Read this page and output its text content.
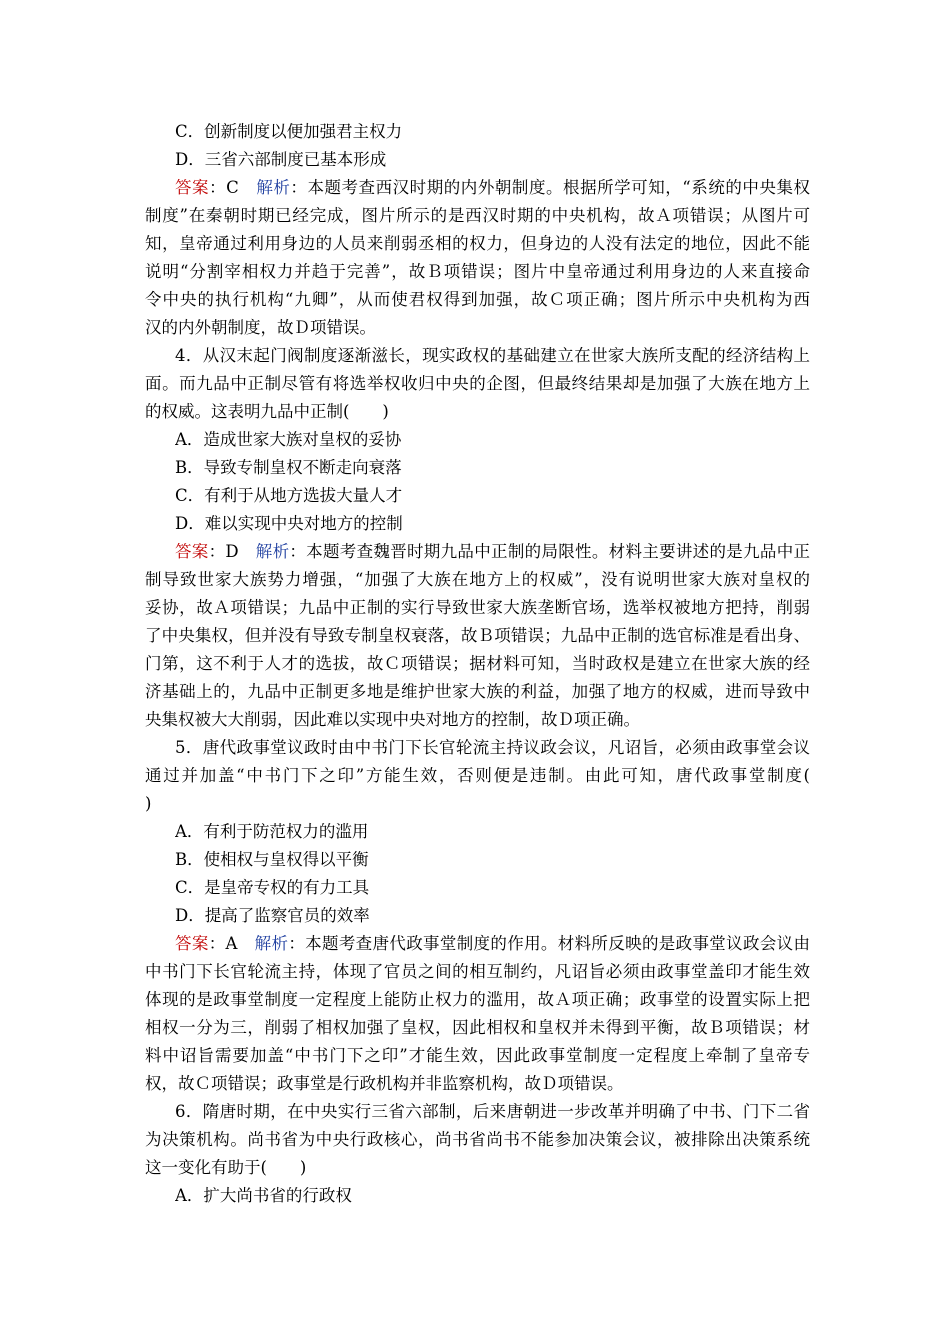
C．创新制度以便加强君主权力
D．三省六部制度已基本形成
答案：C　解析：本题考查西汉时期的内外朝制度。根据所学可知，“系统的中央集权
制度”在秦朝时期已经完成，图片所示的是西汉时期的中央机构，故Ａ项错误；从图片可
知，皇帝通过利用身边的人员来削弱丞相的权力，但身边的人没有法定的地位，因此不能
说明“分割宰相权力并趋于完善”，故Ｂ项错误；图片中皇帝通过利用身边的人来直接命
令中央的执行机构“九卿”，从而使君权得到加强，故Ｃ项正确；图片所示中央机构为西
汉的内外朝制度，故Ｄ项错误。
4．从汉末起门阀制度逐渐滋长，现实政权的基础建立在世家大族所支配的经济结构上
面。而九品中正制尽管有将选举权收归中央的企图，但最终结果却是加强了大族在地方上
的权威。这表明九品中正制(　　)
A．造成世家大族对皇权的妥协
B．导致专制皇权不断走向衰落
C．有利于从地方选拔大量人才
D．难以实现中央对地方的控制
答案：D　解析：本题考查魏晋时期九品中正制的局限性。材料主要讲述的是九品中正
制导致世家大族势力增强，“加强了大族在地方上的权威”，没有说明世家大族对皇权的
妥协，故Ａ项错误；九品中正制的实行导致世家大族垄断官场，选举权被地方把持，削弱
了中央集权，但并没有导致专制皇权衰落，故Ｂ项错误；九品中正制的选官标准是看出身、
门第，这不利于人才的选拔，故Ｃ项错误；据材料可知，当时政权是建立在世家大族的经
济基础上的，九品中正制更多地是维护世家大族的利益，加强了地方的权威，进而导致中
央集权被大大削弱，因此难以实现中央对地方的控制，故Ｄ项正确。
5．唐代政事堂议政时由中书门下长官轮流主持议政会议，凡诏旨，必须由政事堂会议
通过并加盖“中书门下之印”方能生效，否则便是违制。由此可知，唐代政事堂制度(
)
A．有利于防范权力的滥用
B．使相权与皇权得以平衡
C．是皇帝专权的有力工具
D．提高了监察官员的效率
答案：A　解析：本题考查唐代政事堂制度的作用。材料所反映的是政事堂议政会议由
中书门下长官轮流主持，体现了官员之间的相互制约，凡诏旨必须由政事堂盖印才能生效
体现的是政事堂制度一定程度上能防止权力的滥用，故Ａ项正确；政事堂的设置实际上把
相权一分为三，削弱了相权加强了皇权，因此相权和皇权并未得到平衡，故Ｂ项错误；材
料中诏旨需要加盖“中书门下之印”才能生效，因此政事堂制度一定程度上牵制了皇帝专
权，故Ｃ项错误；政事堂是行政机构并非监察机构，故Ｄ项错误。
6．隋唐时期，在中央实行三省六部制，后来唐朝进一步改革并明确了中书、门下二省
为决策机构。尚书省为中央行政核心，尚书省尚书不能参加决策会议，被排除出决策系统
这一变化有助于(　　)
A．扩大尚书省的行政权
